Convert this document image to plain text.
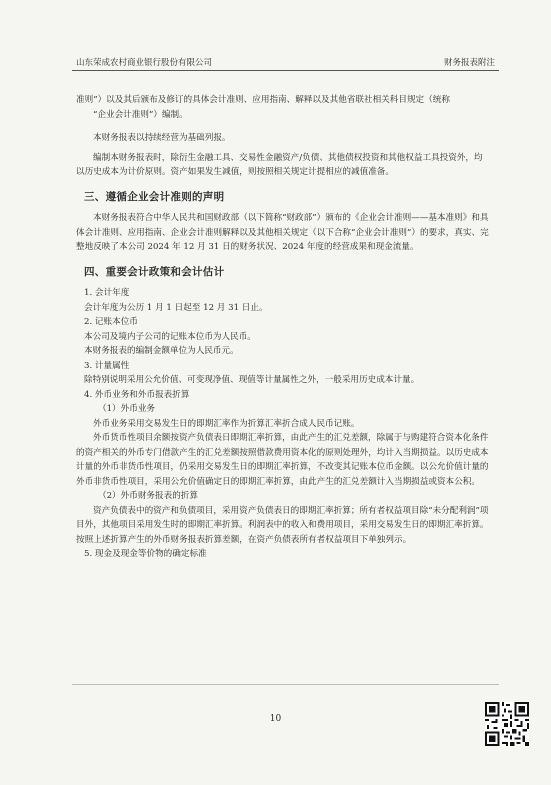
山东荣成农村商业银行股份有限公司	财务报表附注

准则”）以及其后颁布及修订的具体会计准则、应用指南、解释以及其他省联社相关科目规定（统称

“企业会计准则”）编制。

本财务报表以持续经营为基础列报。

编制本财务报表时，除衍生金融工具、交易性金融资产/负债、其他债权投资和其他权益工具投资外，均以历史成本为计价原则。资产如果发生减值，则按照相关规定计提相应的减值准备。

三、遵循企业会计准则的声明

本财务报表符合中华人民共和国财政部（以下简称“财政部”）颁布的《企业会计准则——基本准则》和具体会计准则、应用指南、企业会计准则解释以及其他相关规定（以下合称“企业会计准则”）的要求，真实、完整地反映了本公司 2024 年 12 月 31 日的财务状况、2024 年度的经营成果和现金流量。

四、重要会计政策和会计估计

1. 会计年度

会计年度为公历 1 月 1 日起至 12 月 31 日止。

2. 记账本位币

本公司及境内子公司的记账本位币为人民币。

本财务报表的编制金额单位为人民币元。

3. 计量属性

除特别说明采用公允价值、可变现净值、现值等计量属性之外，一般采用历史成本计量。

4. 外币业务和外币报表折算

（1）外币业务

外币业务采用交易发生日的即期汇率作为折算汇率折合成人民币记账。

外币货币性项目余额按资产负债表日即期汇率折算，由此产生的汇兑差额，除属于与购建符合资本化条件的资产相关的外币专门借款产生的汇兑差额按照借款费用资本化的原则处理外，均计入当期损益。以历史成本计量的外币非货币性项目，仍采用交易发生日的即期汇率折算，不改变其记账本位币金额。以公允价值计量的外币非货币性项目，采用公允价值确定日的即期汇率折算，由此产生的汇兑差额计入当期损益或资本公积。

（2）外币财务报表的折算

资产负债表中的资产和负债项目，采用资产负债表日的即期汇率折算；所有者权益项目除“未分配利润”项目外，其他项目采用发生时的即期汇率折算。利润表中的收入和费用项目，采用交易发生日的即期汇率折算。按照上述折算产生的外币财务报表折算差额，在资产负债表所有者权益项目下单独列示。

5. 现金及现金等价物的确定标准

10
